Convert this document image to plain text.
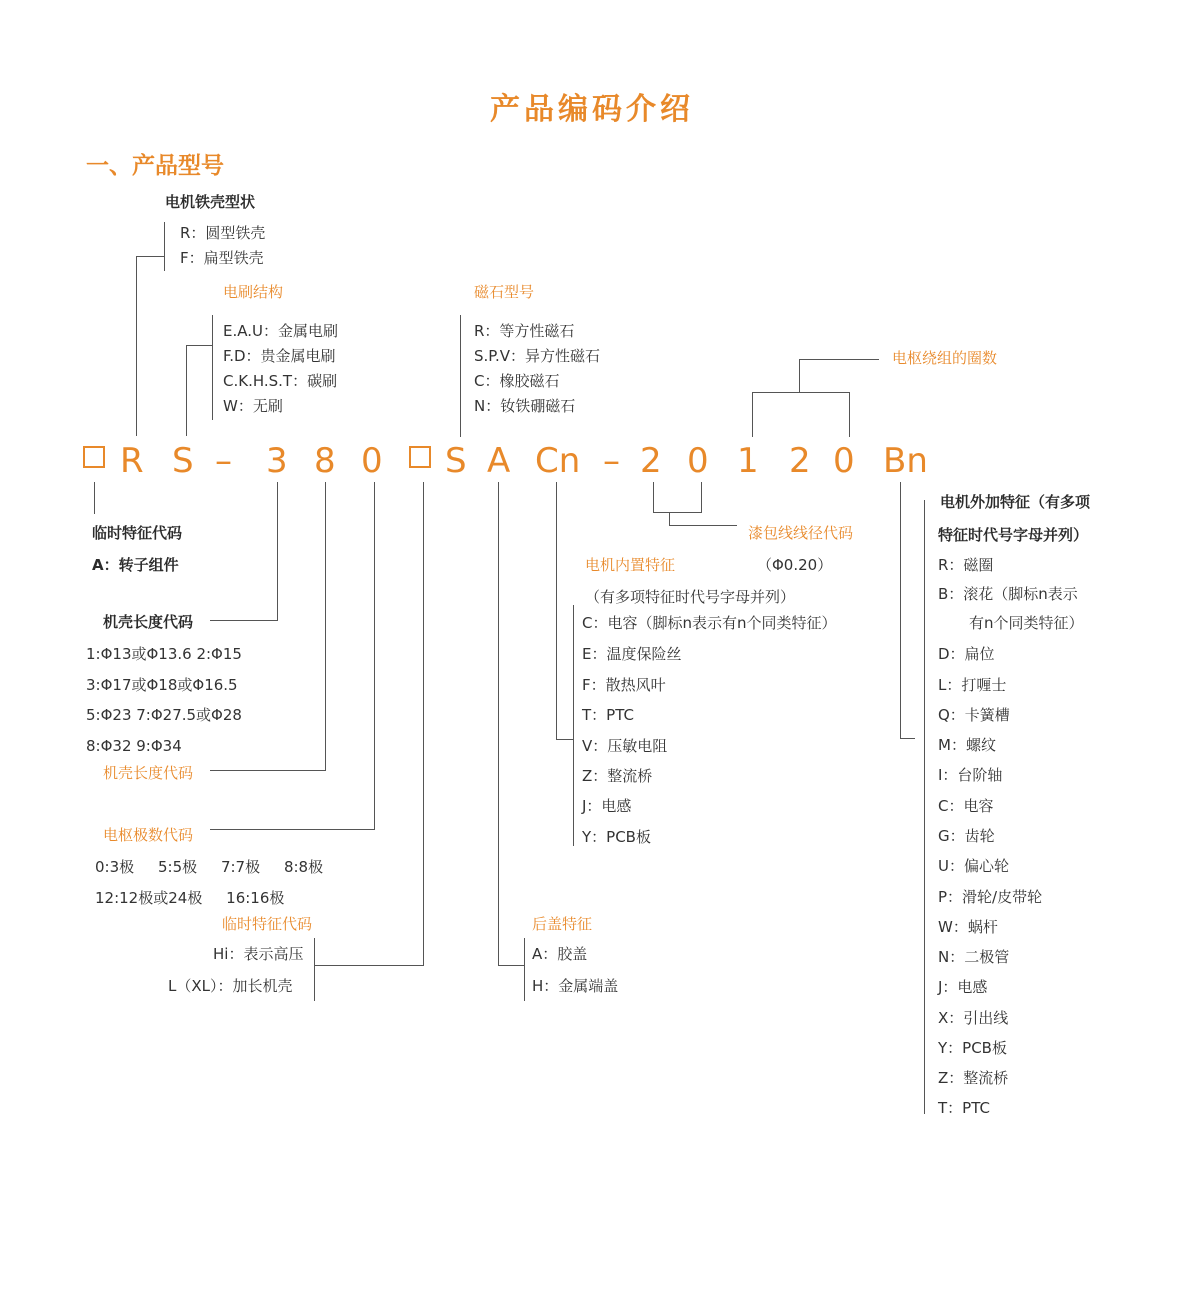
产品编码介绍
一、产品型号
R S – 3 8 0 S A Cn – 2 0 1 2 0 Bn
电机铁壳型状
R：圆型铁壳
F：扁型铁壳
电刷结构
E.A.U：金属电刷
F.D：贵金属电刷
C.K.H.S.T：碳刷
W：无刷
磁石型号
R：等方性磁石
S.P.V：异方性磁石
C：橡胶磁石
N：钕铁硼磁石
电枢绕组的圈数
临时特征代码
A：转子组件
机壳长度代码
1:Φ13或Φ13.6 2:Φ15
3:Φ17或Φ18或Φ16.5
5:Φ23 7:Φ27.5或Φ28
8:Φ32 9:Φ34
机壳长度代码
电枢极数代码
0:3极     5:5极     7:7极     8:8极
12:12极或24极     16:16极
临时特征代码
Hi：表示高压
L（XL）：加长机壳
后盖特征
A：胶盖
H：金属端盖
漆包线线径代码
（Φ0.20）
电机内置特征
（有多项特征时代号字母并列）
C：电容（脚标n表示有n个同类特征）
E：温度保险丝
F：散热风叶
T：PTC
V：压敏电阻
Z：整流桥
J：电感
Y：PCB板
电机外加特征（有多项
特征时代号字母并列）
R：磁圈
B：滚花（脚标n表示
有n个同类特征）
D：扁位
L：打喱士
Q：卡簧槽
M：螺纹
I：台阶轴
C：电容
G：齿轮
U：偏心轮
P：滑轮/皮带轮
W：蜗杆
N：二极管
J：电感
X：引出线
Y：PCB板
Z：整流桥
T：PTC
